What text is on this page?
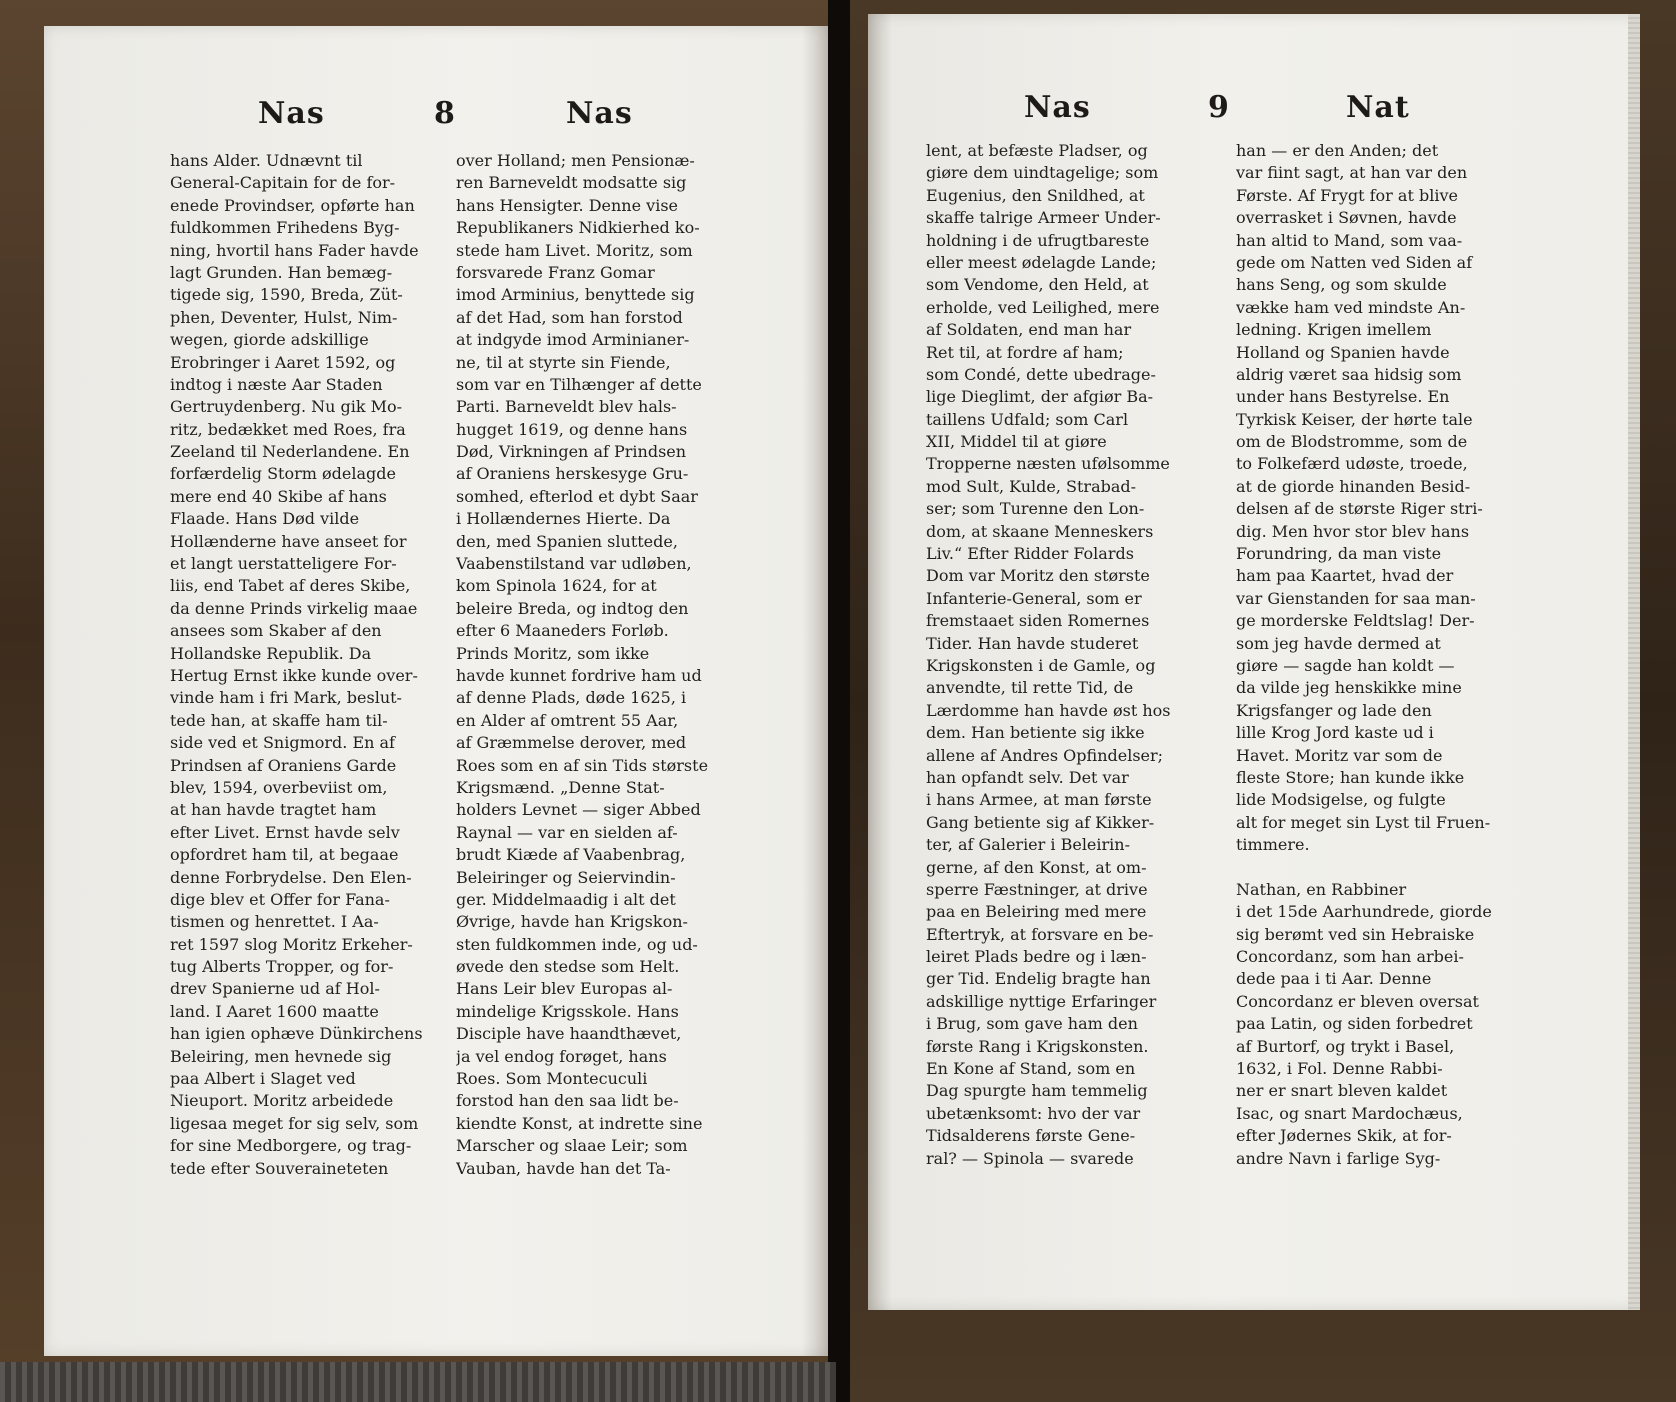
Nas	8	Nas
hans Alder. Udnævnt til
General-Capitain for de for-
enede Provindser, opførte han
fuldkommen Frihedens Byg-
ning, hvortil hans Fader havde
lagt Grunden. Han bemæg-
tigede sig, 1590, Breda, Züt-
phen, Deventer, Hulst, Nim-
wegen, giorde adskillige
Erobringer i Aaret 1592, og
indtog i næste Aar Staden
Gertruydenberg. Nu gik Mo-
ritz, bedækket med Roes, fra
Zeeland til Nederlandene. En
forfærdelig Storm ødelagde
mere end 40 Skibe af hans
Flaade. Hans Død vilde
Hollænderne have anseet for
et langt uerstatteligere For-
liis, end Tabet af deres Skibe,
da denne Prinds virkelig maae
ansees som Skaber af den
Hollandske Republik. Da
Hertug Ernst ikke kunde over-
vinde ham i fri Mark, beslut-
tede han, at skaffe ham til-
side ved et Snigmord. En af
Prindsen af Oraniens Garde
blev, 1594, overbeviist om,
at han havde tragtet ham
efter Livet. Ernst havde selv
opfordret ham til, at begaae
denne Forbrydelse. Den Elen-
dige blev et Offer for Fana-
tismen og henrettet. I Aa-
ret 1597 slog Moritz Erkeher-
tug Alberts Tropper, og for-
drev Spanierne ud af Hol-
land. I Aaret 1600 maatte
han igien ophæve Dünkirchens
Beleiring, men hevnede sig
paa Albert i Slaget ved
Nieuport. Moritz arbeidede
ligesaa meget for sig selv, som
for sine Medborgere, og trag-
tede efter Souveraineteten
over Holland; men Pensionæ-
ren Barneveldt modsatte sig
hans Hensigter. Denne vise
Republikaners Nidkierhed ko-
stede ham Livet. Moritz, som
forsvarede Franz Gomar
imod Arminius, benyttede sig
af det Had, som han forstod
at indgyde imod Arminianer-
ne, til at styrte sin Fiende,
som var en Tilhænger af dette
Parti. Barneveldt blev hals-
hugget 1619, og denne hans
Død, Virkningen af Prindsen
af Oraniens herskesyge Gru-
somhed, efterlod et dybt Saar
i Hollændernes Hierte. Da
den, med Spanien sluttede,
Vaabenstilstand var udløben,
kom Spinola 1624, for at
beleire Breda, og indtog den
efter 6 Maaneders Forløb.
Prinds Moritz, som ikke
havde kunnet fordrive ham ud
af denne Plads, døde 1625, i
en Alder af omtrent 55 Aar,
af Græmmelse derover, med
Roes som en af sin Tids største
Krigsmænd. „Denne Stat-
holders Levnet — siger Abbed
Raynal — var en sielden af-
brudt Kiæde af Vaabenbrag,
Beleiringer og Seiervindin-
ger. Middelmaadig i alt det
Øvrige, havde han Krigskon-
sten fuldkommen inde, og ud-
øvede den stedse som Helt.
Hans Leir blev Europas al-
mindelige Krigsskole. Hans
Disciple have haandthævet,
ja vel endog forøget, hans
Roes. Som Montecuculi
forstod han den saa lidt be-
kiendte Konst, at indrette sine
Marscher og slaae Leir; som
Vauban, havde han det Ta-
Nas	9	Nat
lent, at befæste Pladser, og
giøre dem uindtagelige; som
Eugenius, den Snildhed, at
skaffe talrige Armeer Under-
holdning i de ufrugtbareste
eller meest ødelagde Lande;
som Vendome, den Held, at
erholde, ved Leilighed, mere
af Soldaten, end man har
Ret til, at fordre af ham;
som Condé, dette ubedrage-
lige Dieglimt, der afgiør Ba-
taillens Udfald; som Carl
XII, Middel til at giøre
Tropperne næsten ufølsomme
mod Sult, Kulde, Strabad-
ser; som Turenne den Lon-
dom, at skaane Menneskers
Liv.“ Efter Ridder Folards
Dom var Moritz den største
Infanterie-General, som er
fremstaaet siden Romernes
Tider. Han havde studeret
Krigskonsten i de Gamle, og
anvendte, til rette Tid, de
Lærdomme han havde øst hos
dem. Han betiente sig ikke
allene af Andres Opfindelser;
han opfandt selv. Det var
i hans Armee, at man første
Gang betiente sig af Kikker-
ter, af Galerier i Beleirin-
gerne, af den Konst, at om-
sperre Fæstninger, at drive
paa en Beleiring med mere
Eftertryk, at forsvare en be-
leiret Plads bedre og i læn-
ger Tid. Endelig bragte han
adskillige nyttige Erfaringer
i Brug, som gave ham den
første Rang i Krigskonsten.
En Kone af Stand, som en
Dag spurgte ham temmelig
ubetænksomt: hvo der var
Tidsalderens første Gene-
ral? — Spinola — svarede
han — er den Anden; det
var fiint sagt, at han var den
Første. Af Frygt for at blive
overrasket i Søvnen, havde
han altid to Mand, som vaa-
gede om Natten ved Siden af
hans Seng, og som skulde
vække ham ved mindste An-
ledning. Krigen imellem
Holland og Spanien havde
aldrig været saa hidsig som
under hans Bestyrelse. En
Tyrkisk Keiser, der hørte tale
om de Blodstromme, som de
to Folkefærd udøste, troede,
at de giorde hinanden Besid-
delsen af de største Riger stri-
dig. Men hvor stor blev hans
Forundring, da man viste
ham paa Kaartet, hvad der
var Gienstanden for saa man-
ge morderske Feldtslag! Der-
som jeg havde dermed at
giøre — sagde han koldt —
da vilde jeg henskikke mine
Krigsfanger og lade den
lille Krog Jord kaste ud i
Havet. Moritz var som de
fleste Store; han kunde ikke
lide Modsigelse, og fulgte
alt for meget sin Lyst til Fruen-
timmere.
Nathan, en Rabbiner
i det 15de Aarhundrede, giorde
sig berømt ved sin Hebraiske
Concordanz, som han arbei-
dede paa i ti Aar. Denne
Concordanz er bleven oversat
paa Latin, og siden forbedret
af Burtorf, og trykt i Basel,
1632, i Fol. Denne Rabbi-
ner er snart bleven kaldet
Isac, og snart Mardochæus,
efter Jødernes Skik, at for-
andre Navn i farlige Syg-
